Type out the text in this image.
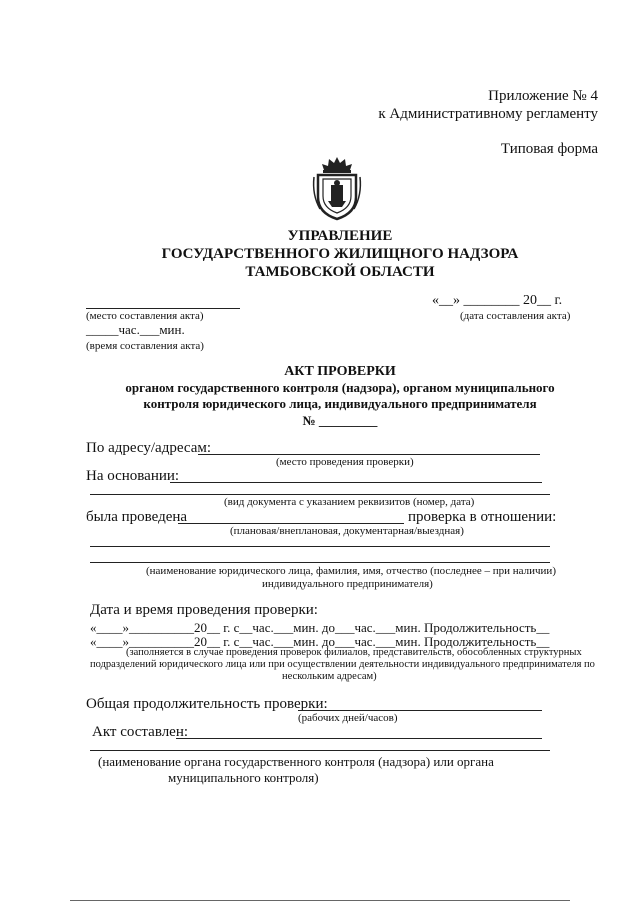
Приложение № 4
к Административному регламенту
Типовая форма
УПРАВЛЕНИЕ
ГОСУДАРСТВЕННОГО ЖИЛИЩНОГО НАДЗОРА
ТАМБОВСКОЙ ОБЛАСТИ
(место составления акта)
_____час.___мин.
(время составления акта)
«__» ________ 20__ г.
(дата составления акта)
АКТ ПРОВЕРКИ
органом государственного контроля (надзора), органом муниципального
контроля юридического лица, индивидуального предпринимателя
№ _________
По адресу/адресам:
(место проведения проверки)
На основании:
(вид документа с указанием реквизитов (номер, дата)
была проведена	проверка в отношении:
(плановая/внеплановая, документарная/выездная)
(наименование юридического лица, фамилия, имя, отчество (последнее – при наличии)
индивидуального предпринимателя)
Дата и время проведения проверки:
«____»__________20__ г. с__час.___мин. до___час.___мин. Продолжительность__
«____»__________20__ г. с__час.___мин. до___час.___мин. Продолжительность__
(заполняется в случае проведения проверок филиалов, представительств, обособленных структурных
подразделений юридического лица или при осуществлении деятельности индивидуального предпринимателя по
нескольким адресам)
Общая продолжительность проверки:
(рабочих дней/часов)
Акт составлен:
(наименование органа государственного контроля (надзора) или органа
муниципального контроля)
